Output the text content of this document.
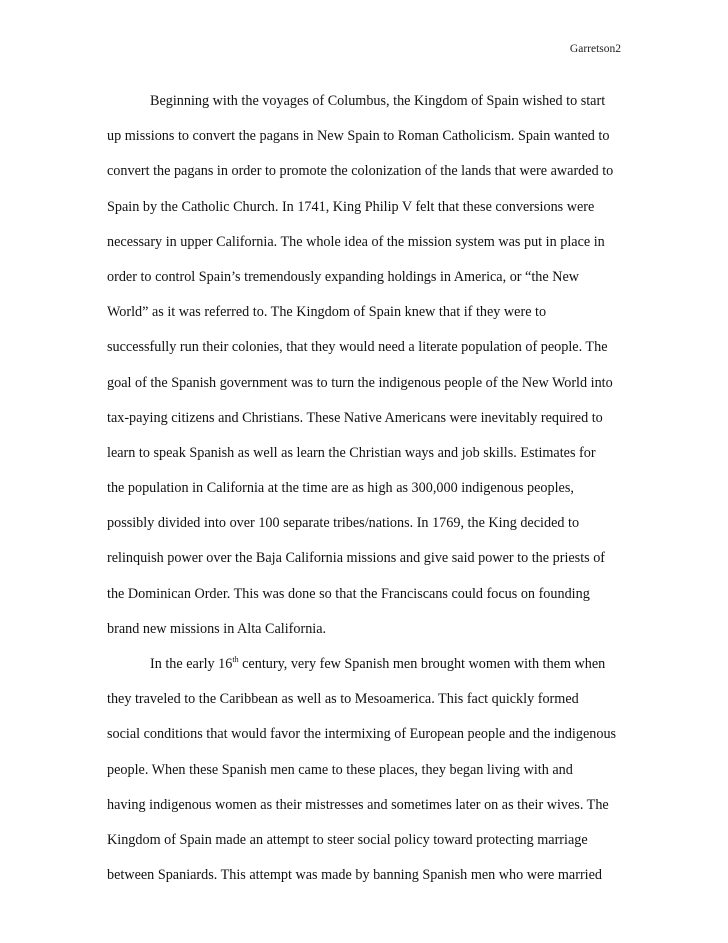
Garretson2
Beginning with the voyages of Columbus, the Kingdom of Spain wished to start
up missions to convert the pagans in New Spain to Roman Catholicism. Spain wanted to
convert the pagans in order to promote the colonization of the lands that were awarded to
Spain by the Catholic Church. In 1741, King Philip V felt that these conversions were
necessary in upper California. The whole idea of the mission system was put in place in
order to control Spain’s tremendously expanding holdings in America, or “the New
World” as it was referred to. The Kingdom of Spain knew that if they were to
successfully run their colonies, that they would need a literate population of people. The
goal of the Spanish government was to turn the indigenous people of the New World into
tax-paying citizens and Christians. These Native Americans were inevitably required to
learn to speak Spanish as well as learn the Christian ways and job skills. Estimates for
the population in California at the time are as high as 300,000 indigenous peoples,
possibly divided into over 100 separate tribes/nations. In 1769, the King decided to
relinquish power over the Baja California missions and give said power to the priests of
the Dominican Order. This was done so that the Franciscans could focus on founding
brand new missions in Alta California.
In the early 16th century, very few Spanish men brought women with them when
they traveled to the Caribbean as well as to Mesoamerica. This fact quickly formed
social conditions that would favor the intermixing of European people and the indigenous
people. When these Spanish men came to these places, they began living with and
having indigenous women as their mistresses and sometimes later on as their wives. The
Kingdom of Spain made an attempt to steer social policy toward protecting marriage
between Spaniards. This attempt was made by banning Spanish men who were married
